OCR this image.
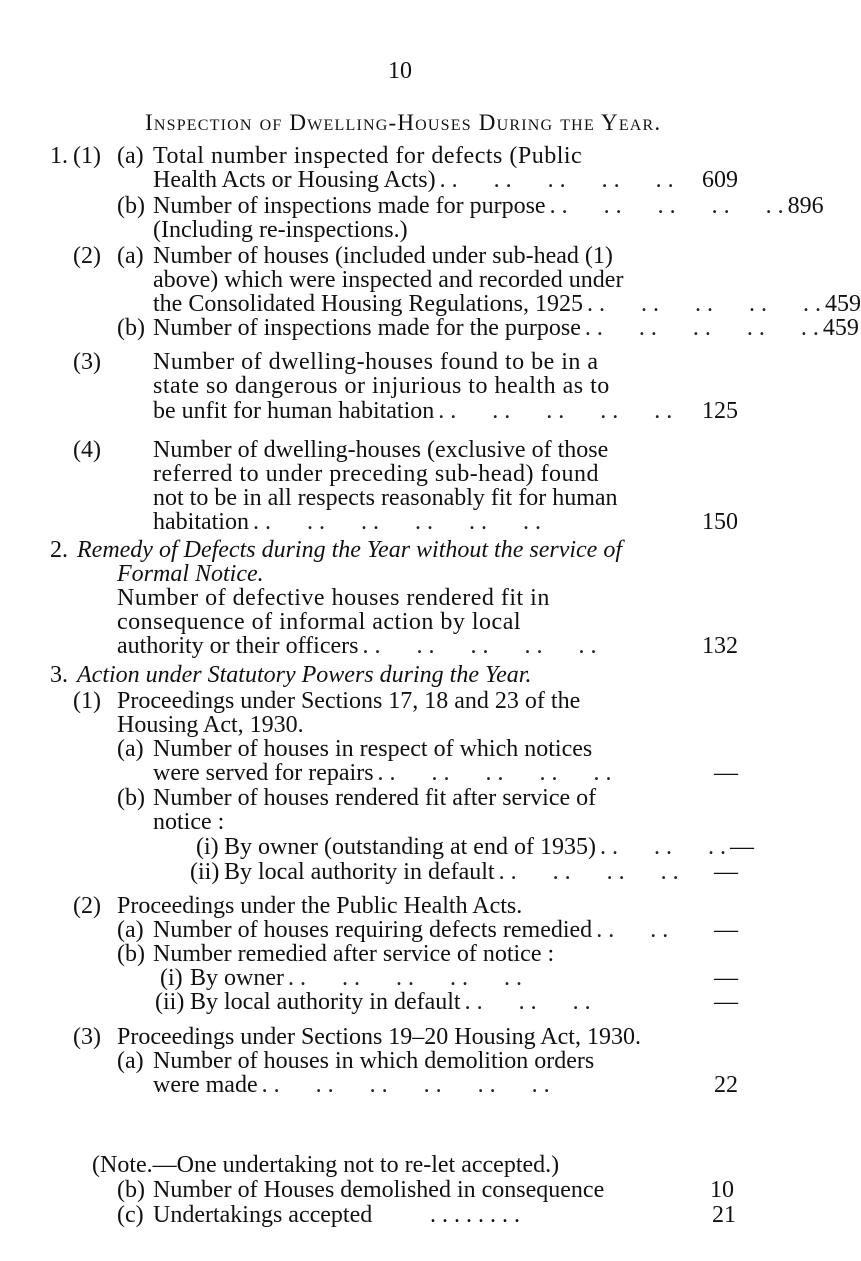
10
Inspection of Dwelling-Houses During the Year.
1. (1) (a) Total number inspected for defects (Public
Health Acts or Housing Acts) . .      . .      . .      . .      . .	609
(b) Number of inspections made for purpose . .      . .      . .      . .      . . 896
(Including re-inspections.)
(2) (a) Number of houses (included under sub-head (1)
above) which were inspected and recorded under
the Consolidated Housing Regulations, 1925 . .      . .      . .      . .      . . 459
(b) Number of inspections made for the purpose . .      . .      . .      . .      . . 459
(3) Number of dwelling-houses found to be in a
state so dangerous or injurious to health as to
be unfit for human habitation . .      . .      . .      . .      . .	125
(4) Number of dwelling-houses (exclusive of those
referred to under preceding sub-head) found
not to be in all respects reasonably fit for human
habitation . .      . .      . .      . .      . .      . .	150
2. Remedy of Defects during the Year without the service of
Formal Notice.
Number of defective houses rendered fit in
consequence of informal action by local
authority or their officers . .      . .      . .      . .      . .	132
3. Action under Statutory Powers during the Year.
(1) Proceedings under Sections 17, 18 and 23 of the
Housing Act, 1930.
(a) Number of houses in respect of which notices
were served for repairs . .      . .      . .      . .      . .	—
(b) Number of houses rendered fit after service of
notice :
(i) By owner (outstanding at end of 1935) . .      . .      . . —
(ii) By local authority in default . .      . .      . .      . .	—
(2) Proceedings under the Public Health Acts.
(a) Number of houses requiring defects remedied . .      . .	—
(b) Number remedied after service of notice :
(i) By owner . .      . .      . .      . .      . .	—
(ii) By local authority in default . .      . .      . .	—
(3) Proceedings under Sections 19–20 Housing Act, 1930.
(a) Number of houses in which demolition orders
were made . .      . .      . .      . .      . .      . .	22
(Note.—One undertaking not to re-let accepted.)
(b) Number of Houses demolished in consequence	10
(c) Undertakings accepted	21
. . . . . . . .
